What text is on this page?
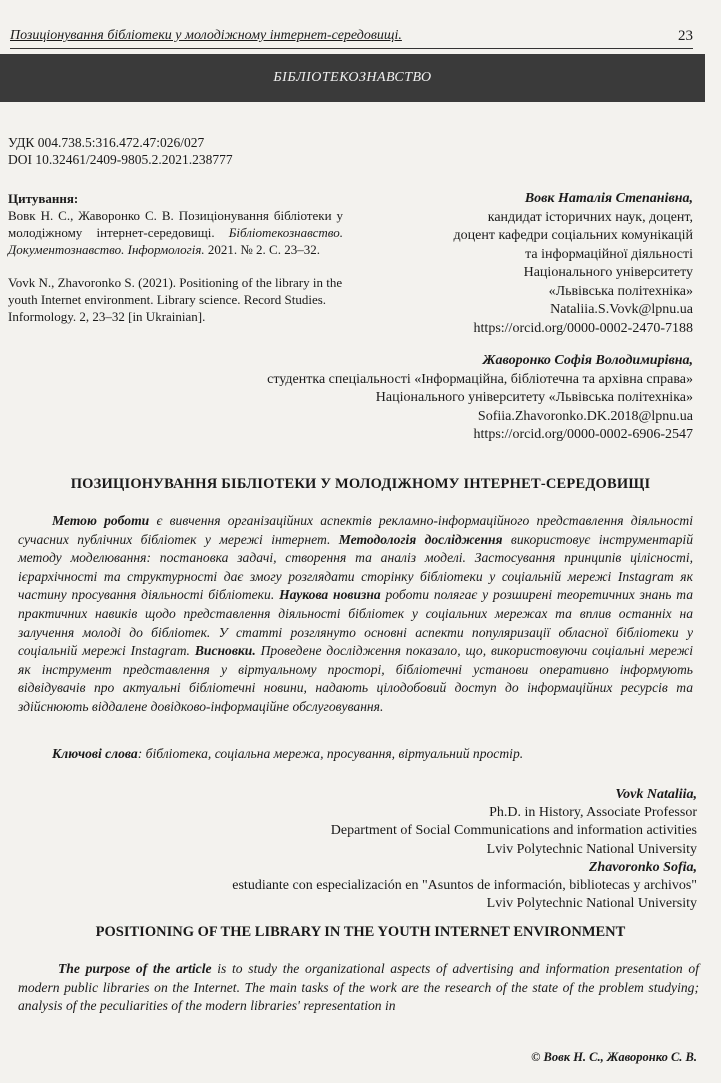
Позиціонування бібліотеки у молодіжному інтернет-середовищі.	23
БІБЛІОТЕКОЗНАВСТВО
УДК 004.738.5:316.472.47:026/027
DOI 10.32461/2409-9805.2.2021.238777
Цитування:

Вовк Н. С., Жаворонко С. В. Позиціонування бібліотеки у молодіжному інтернет-середовищі. Бібліотекознавство. Документознавство. Інформологія. 2021. № 2. С. 23–32.

Vovk N., Zhavoronko S. (2021). Positioning of the library in the youth Internet environment. Library science. Record Studies. Informology. 2, 23–32 [in Ukrainian].

Вовк Наталія Степанівна,
кандидат історичних наук, доцент,
доцент кафедри соціальних комунікацій
та інформаційної діяльності
Національного університету
«Львівська політехніка»
Nataliia.S.Vovk@lpnu.ua
https://orcid.org/0000-0002-2470-7188
Жаворонко Софія Володимирівна,
студентка спеціальності «Інформаційна, бібліотечна та архівна справа»
Національного університету «Львівська політехніка»
Sofiia.Zhavoronko.DK.2018@lpnu.ua
https://orcid.org/0000-0002-6906-2547
ПОЗИЦІОНУВАННЯ БІБЛІОТЕКИ У МОЛОДІЖНОМУ ІНТЕРНЕТ-СЕРЕДОВИЩІ

Метою роботи є вивчення організаційних аспектів рекламно-інформаційного представлення діяльності сучасних публічних бібліотек у мережі інтернет. Методологія дослідження використовує інструментарій методу моделювання: постановка задачі, створення та аналіз моделі. Застосування принципів цілісності, ієрархічності та структурності дає змогу розглядати сторінку бібліотеки у соціальній мережі Instagram як частину просування діяльності бібліотеки. Наукова новизна роботи полягає у розширені теоретичних знань та практичних навиків щодо представлення діяльності бібліотек у соціальних мережах та вплив останніх на залучення молоді до бібліотек. У статті розглянуто основні аспекти популяризації обласної бібліотеки у соціальній мережі Instagram. Висновки. Проведене дослідження показало, що, використовуючи соціальні мережі як інструмент представлення у віртуальному просторі, бібліотечні установи оперативно інформують відвідувачів про актуальні бібліотечні новини, надають цілодобовий доступ до інформаційних ресурсів та здійснюють віддалене довідково-інформаційне обслуговування.

Ключові слова: бібліотека, соціальна мережа, просування, віртуальний простір.
Vovk Nataliia,
Ph.D. in History, Associate Professor
Department of Social Communications and information activities
Lviv Polytechnic National University
Zhavoronko Sofia,
estudiante con especialización en "Asuntos de información, bibliotecas y archivos"
Lviv Polytechnic National University
POSITIONING OF THE LIBRARY IN THE YOUTH INTERNET ENVIRONMENT

The purpose of the article is to study the organizational aspects of advertising and information presentation of modern public libraries on the Internet. The main tasks of the work are the research of the state of the problem studying; analysis of the peculiarities of the modern libraries' representation in

© Вовк Н. С., Жаворонко С. В.
